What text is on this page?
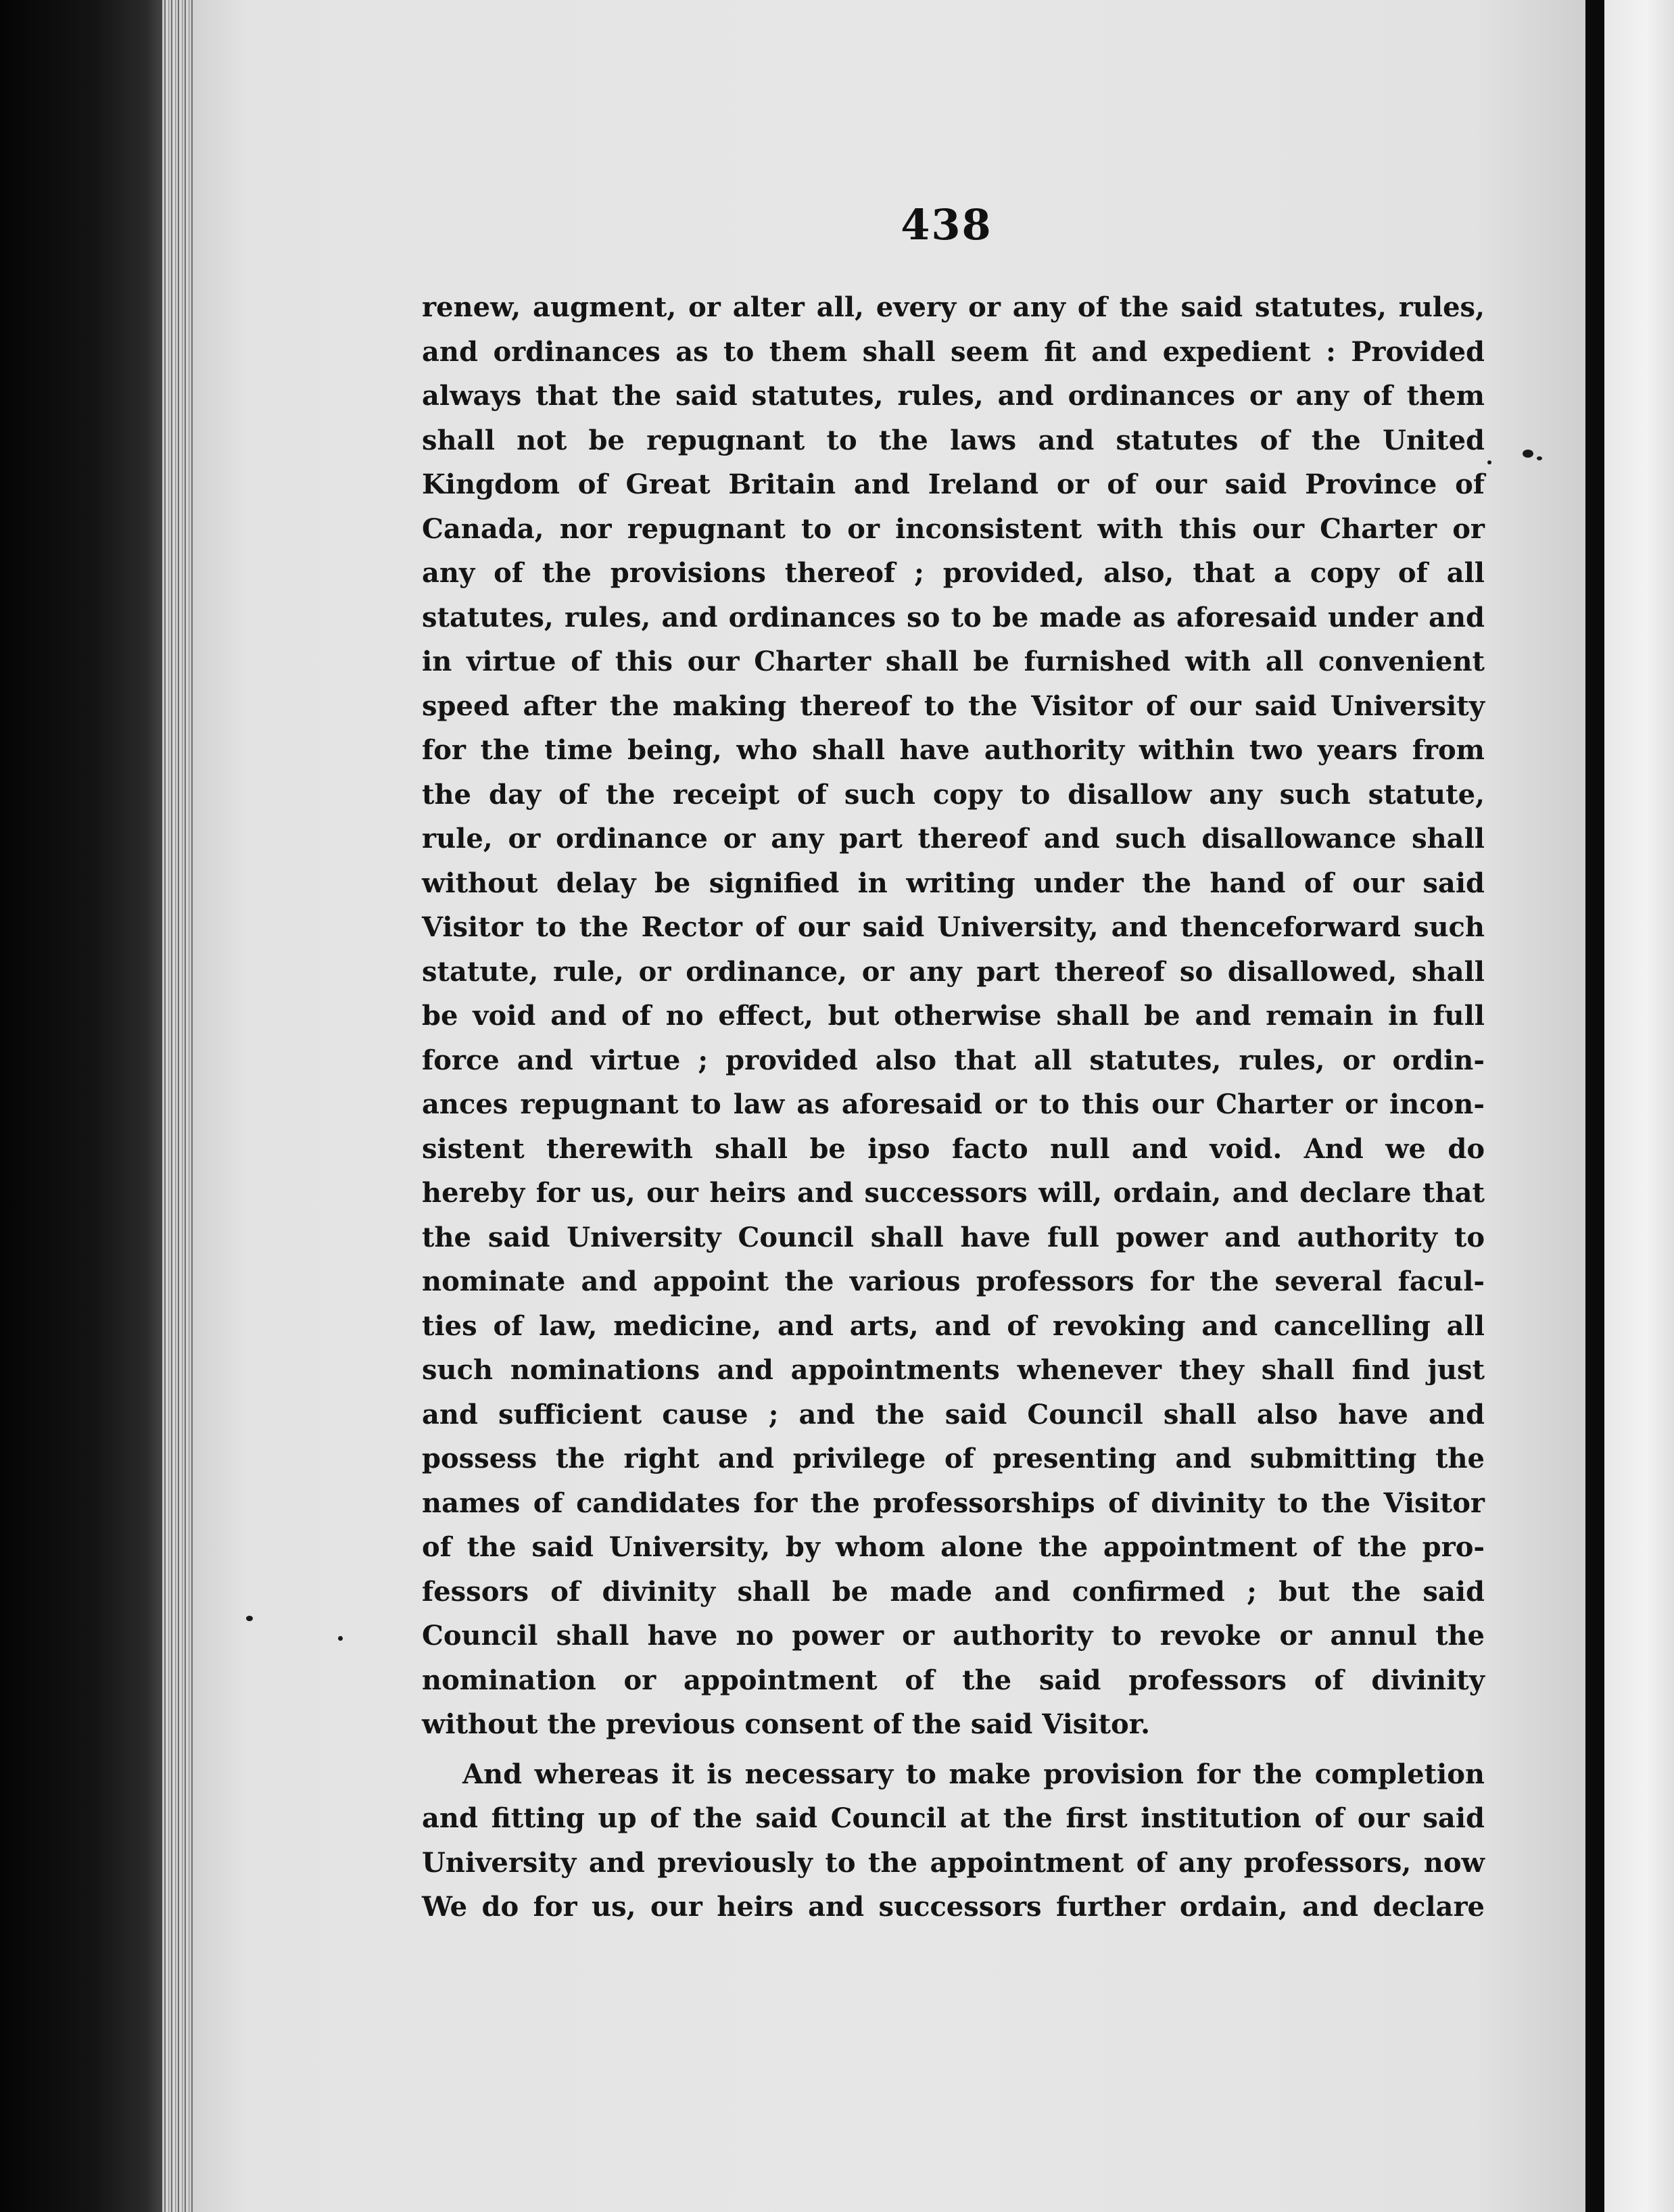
438
renew, augment, or alter all, every or any of the said statutes, rules,
and ordinances as to them shall seem fit and expedient : Provided
always that the said statutes, rules, and ordinances or any of them
shall not be repugnant to the laws and statutes of the United
Kingdom of Great Britain and Ireland or of our said Province of
Canada, nor repugnant to or inconsistent with this our Charter or
any of the provisions thereof ; provided, also, that a copy of all
statutes, rules, and ordinances so to be made as aforesaid under and
in virtue of this our Charter shall be furnished with all convenient
speed after the making thereof to the Visitor of our said University
for the time being, who shall have authority within two years from
the day of the receipt of such copy to disallow any such statute,
rule, or ordinance or any part thereof and such disallowance shall
without delay be signified in writing under the hand of our said
Visitor to the Rector of our said University, and thenceforward such
statute, rule, or ordinance, or any part thereof so disallowed, shall
be void and of no effect, but otherwise shall be and remain in full
force and virtue ; provided also that all statutes, rules, or ordin-
ances repugnant to law as aforesaid or to this our Charter or incon-
sistent therewith shall be ipso facto null and void. And we do
hereby for us, our heirs and successors will, ordain, and declare that
the said University Council shall have full power and authority to
nominate and appoint the various professors for the several facul-
ties of law, medicine, and arts, and of revoking and cancelling all
such nominations and appointments whenever they shall find just
and sufficient cause ; and the said Council shall also have and
possess the right and privilege of presenting and submitting the
names of candidates for the professorships of divinity to the Visitor
of the said University, by whom alone the appointment of the pro-
fessors of divinity shall be made and confirmed ; but the said
Council shall have no power or authority to revoke or annul the
nomination or appointment of the said professors of divinity
without the previous consent of the said Visitor.
And whereas it is necessary to make provision for the completion
and fitting up of the said Council at the first institution of our said
University and previously to the appointment of any professors, now
We do for us, our heirs and successors further ordain, and declare
